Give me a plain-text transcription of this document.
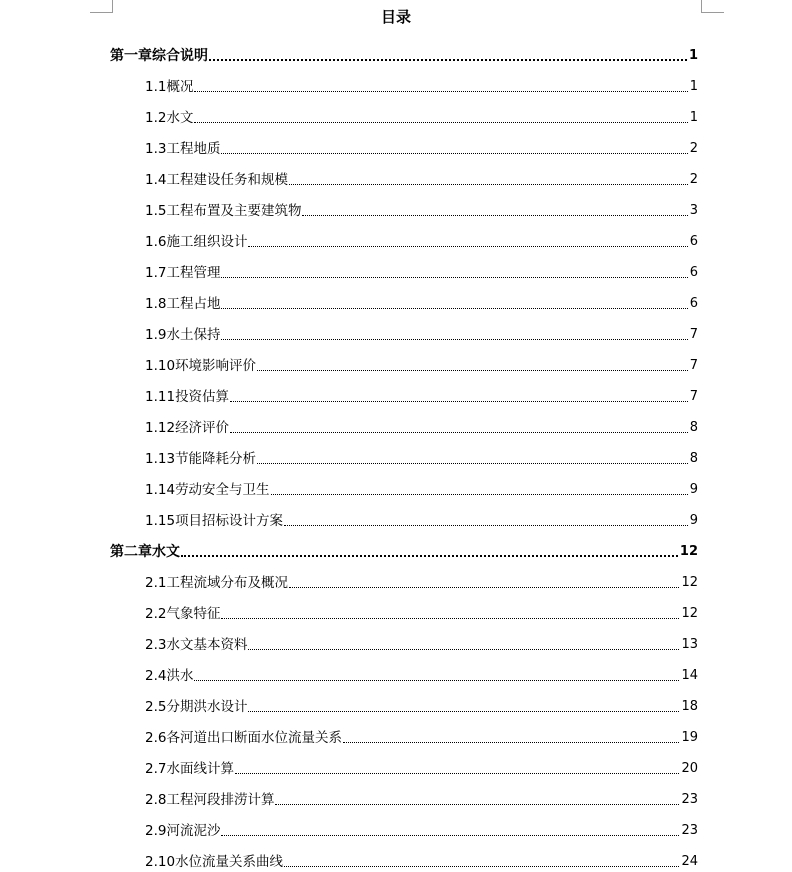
目录
第一章综合说明	1
1.1 概况	1
1.2 水文	1
1.3 工程地质	2
1.4 工程建设任务和规模	2
1.5 工程布置及主要建筑物	3
1.6 施工组织设计	6
1.7 工程管理	6
1.8 工程占地	6
1.9 水土保持	7
1.10 环境影响评价	7
1.11 投资估算	7
1.12 经济评价	8
1.13 节能降耗分析	8
1.14 劳动安全与卫生	9
1.15 项目招标设计方案	9
第二章水文	12
2.1 工程流域分布及概况	12
2.2 气象特征	12
2.3 水文基本资料	13
2.4 洪水	14
2.5 分期洪水设计	18
2.6 各河道出口断面水位流量关系	19
2.7 水面线计算	20
2.8 工程河段排涝计算	23
2.9 河流泥沙	23
2.10 水位流量关系曲线	24
